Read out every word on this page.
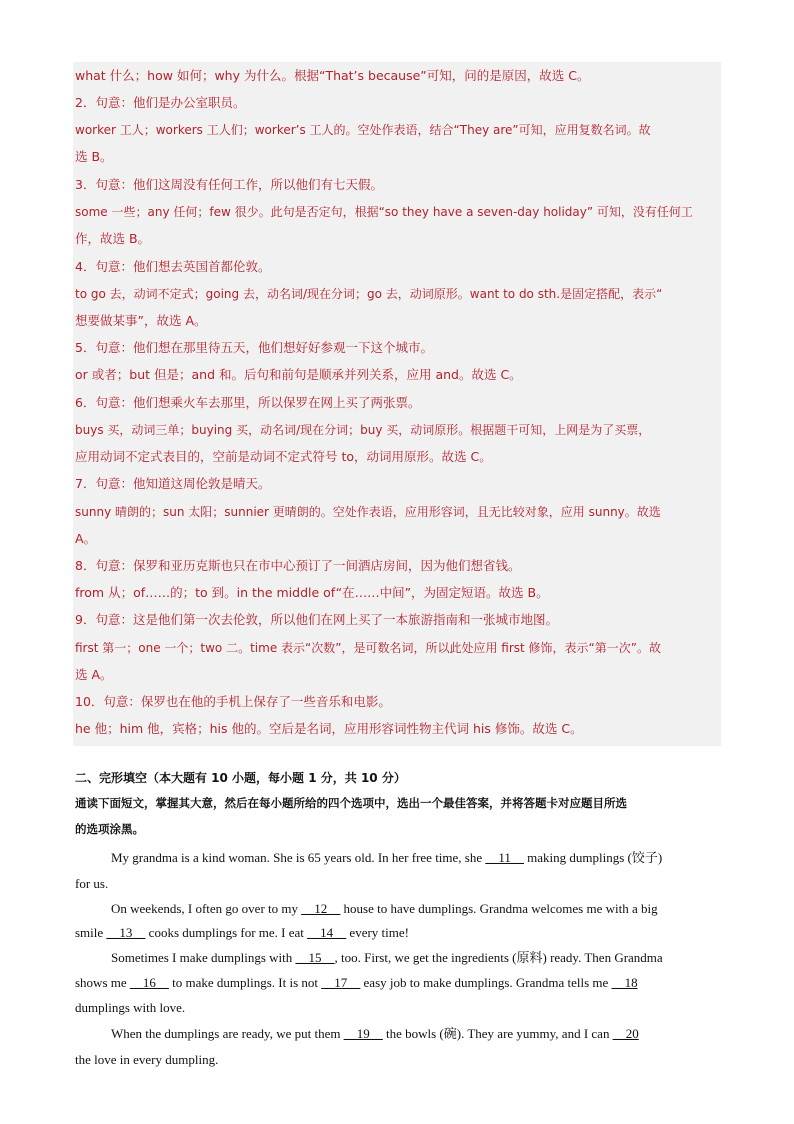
what 什么；how 如何；why 为什么。根据“That’s because”可知，问的是原因，故选 C。
2．句意：他们是办公室职员。
worker 工人；workers 工人们；worker’s 工人的。空处作表语，结合“They are”可知，应用复数名词。故
选 B。
3．句意：他们这周没有任何工作，所以他们有七天假。
some 一些；any 任何；few 很少。此句是否定句，根据“so they have a seven-day holiday” 可知，没有任何工
作，故选 B。
4．句意：他们想去英国首都伦敦。
to go 去，动词不定式；going 去，动名词/现在分词；go 去，动词原形。want to do sth.是固定搭配，表示“
想要做某事”，故选 A。
5．句意：他们想在那里待五天，他们想好好参观一下这个城市。
or 或者；but 但是；and 和。后句和前句是顺承并列关系，应用 and。故选 C。
6．句意：他们想乘火车去那里，所以保罗在网上买了两张票。
buys 买，动词三单；buying 买，动名词/现在分词；buy 买，动词原形。根据题干可知，上网是为了买票，
应用动词不定式表目的，空前是动词不定式符号 to，动词用原形。故选 C。
7．句意：他知道这周伦敦是晴天。
sunny 晴朗的；sun 太阳；sunnier 更晴朗的。空处作表语，应用形容词，且无比较对象，应用 sunny。故选
A。
8．句意：保罗和亚历克斯也只在市中心预订了一间酒店房间，因为他们想省钱。
from 从；of……的；to 到。in the middle of“在……中间”，为固定短语。故选 B。
9．句意：这是他们第一次去伦敦，所以他们在网上买了一本旅游指南和一张城市地图。
first 第一；one 一个；two 二。time 表示“次数”，是可数名词，所以此处应用 first 修饰，表示“第一次”。故
选 A。
10．句意：保罗也在他的手机上保存了一些音乐和电影。
he 他；him 他，宾格；his 他的。空后是名词，应用形容词性物主代词 his 修饰。故选 C。
二、完形填空（本大题有 10 小题，每小题 1 分，共 10 分）
通读下面短文，掌握其大意，然后在每小题所给的四个选项中，选出一个最佳答案，并将答题卡对应题目所选
的选项涂黑。
My grandma is a kind woman. She is 65 years old. In her free time, she __11__ making dumplings (饺子)
for us.
On weekends, I often go over to my __12__ house to have dumplings. Grandma welcomes me with a big
smile __13__ cooks dumplings for me. I eat __14__ every time!
Sometimes I make dumplings with __15__, too. First, we get the ingredients (原料) ready. Then Grandma
shows me __16__ to make dumplings. It is not __17__ easy job to make dumplings. Grandma tells me __18
dumplings with love.
When the dumplings are ready, we put them __19__ the bowls (碗). They are yummy, and I can __20
the love in every dumpling.
